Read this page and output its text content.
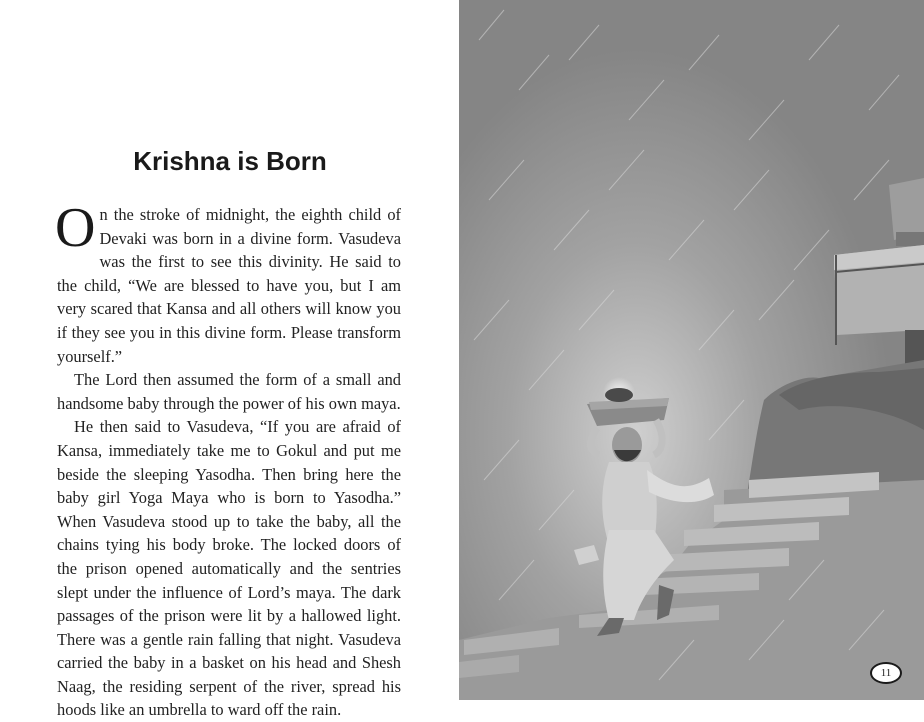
Krishna is Born

On the stroke of midnight, the eighth child of Devaki was born in a divine form. Vasudeva was the first to see this divinity. He said to the child, “We are blessed to have you, but I am very scared that Kansa and all others will know you if they see you in this divine form. Please transform yourself.”

The Lord then assumed the form of a small and handsome baby through the power of his own maya.

He then said to Vasudeva, “If you are afraid of Kansa, immediately take me to Gokul and put me beside the sleeping Yasodha. Then bring here the baby girl Yoga Maya who is born to Yasodha.” When Vasudeva stood up to take the baby, all the chains tying his body broke. The locked doors of the prison opened automatically and the sentries slept under the influence of Lord’s maya. The dark passages of the prison were lit by a hallowed light. There was a gentle rain falling that night. Vasudeva carried the baby in a basket on his head and Shesh Naag, the residing serpent of the river, spread his hoods like an umbrella to ward off the rain.

11
